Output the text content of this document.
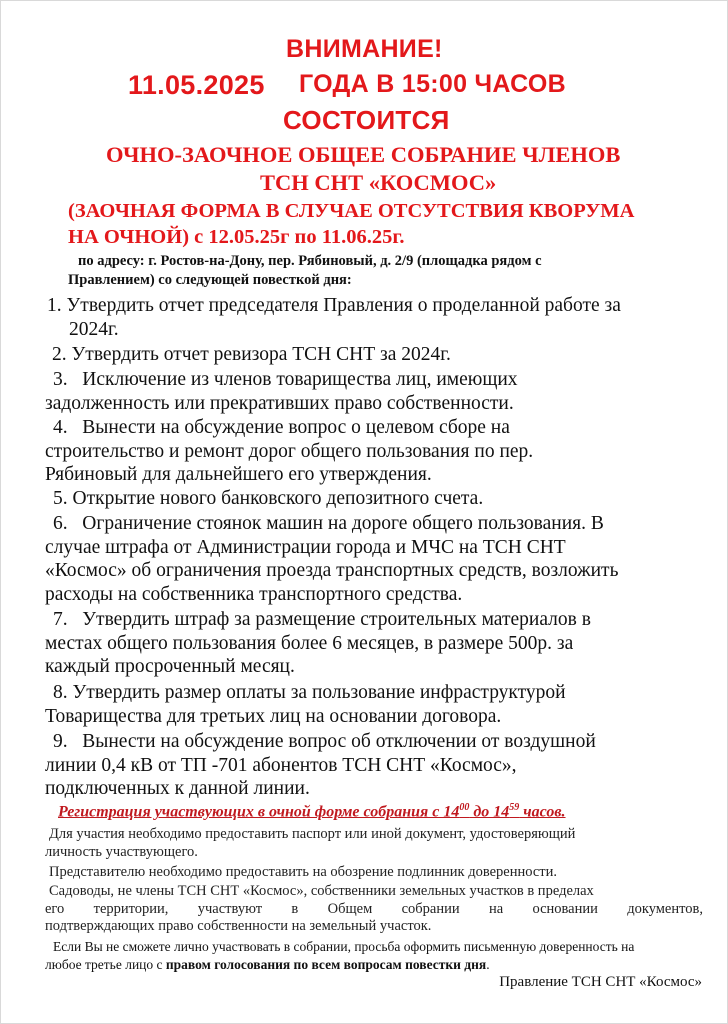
ВНИМАНИЕ!
11.05.2025 ГОДА В 15:00 ЧАСОВ
СОСТОИТСЯ
ОЧНО-ЗАОЧНОЕ ОБЩЕЕ СОБРАНИЕ ЧЛЕНОВ
ТСН СНТ «КОСМОС»
(ЗАОЧНАЯ ФОРМА В СЛУЧАЕ ОТСУТСТВИЯ КВОРУМА
НА ОЧНОЙ) с 12.05.25г по 11.06.25г.
по адресу: г. Ростов-на-Дону, пер. Рябиновый, д. 2/9 (площадка рядом с
Правлением) со следующей повесткой дня:
1. Утвердить отчет председателя Правления о проделанной работе за
2024г.
2. Утвердить отчет ревизора ТСН СНТ за 2024г.
3. Исключение из членов товарищества лиц, имеющих
задолженность или прекративших право собственности.
4. Вынести на обсуждение вопрос о целевом сборе на
строительство и ремонт дорог общего пользования по пер.
Рябиновый для дальнейшего его утверждения.
5. Открытие нового банковского депозитного счета.
6. Ограничение стоянок машин на дороге общего пользования. В
случае штрафа от Администрации города и МЧС на ТСН СНТ
«Космос» об ограничения проезда транспортных средств, возложить
расходы на собственника транспортного средства.
7. Утвердить штраф за размещение строительных материалов в
местах общего пользования более 6 месяцев, в размере 500р. за
каждый просроченный месяц.
8. Утвердить размер оплаты за пользование инфраструктурой
Товарищества для третьих лиц на основании договора.
9. Вынести на обсуждение вопрос об отключении от воздушной
линии 0,4 кВ от ТП -701 абонентов ТСН СНТ «Космос»,
подключенных к данной линии.
Регистрация участвующих в очной форме собрания с $14^{00}$ до $14^{59}$ часов.
Для участия необходимо предоставить паспорт или иной документ, удостоверяющий
личность участвующего.
Представителю необходимо предоставить на обозрение подлинник доверенности.
Садоводы, не члены ТСН СНТ «Космос», собственники земельных участков в пределах
его территории, участвуют в Общем собрании на основании документов,
подтверждающих право собственности на земельный участок.
Если Вы не сможете лично участвовать в собрании, просьба оформить письменную доверенность на
любое третье лицо с правом голосования по всем вопросам повестки дня.
Правление ТСН СНТ «Космос»
